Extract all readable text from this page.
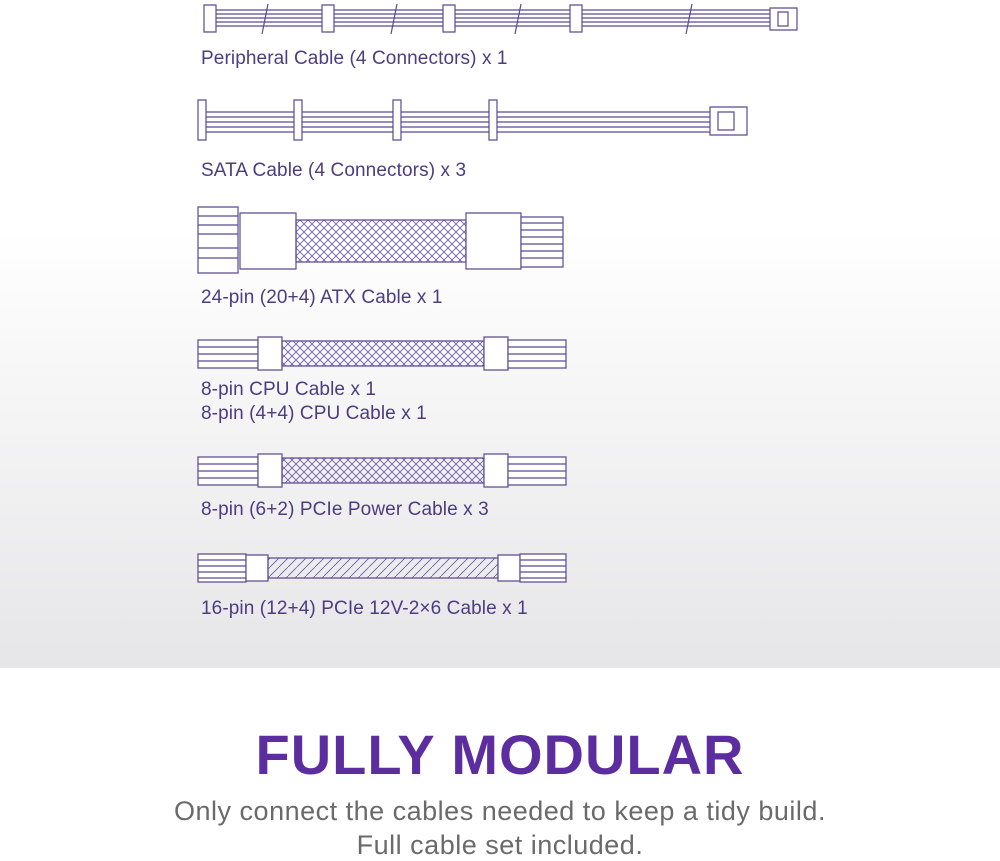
Peripheral Cable (4 Connectors) x 1
SATA Cable (4 Connectors) x 3
24-pin (20+4) ATX Cable x 1
8-pin CPU Cable x 1
8-pin (4+4) CPU Cable x 1
8-pin (6+2) PCIe Power Cable x 3
16-pin (12+4) PCIe 12V-2×6 Cable x 1
FULLY MODULAR
Only connect the cables needed to keep a tidy build.
Full cable set included.
